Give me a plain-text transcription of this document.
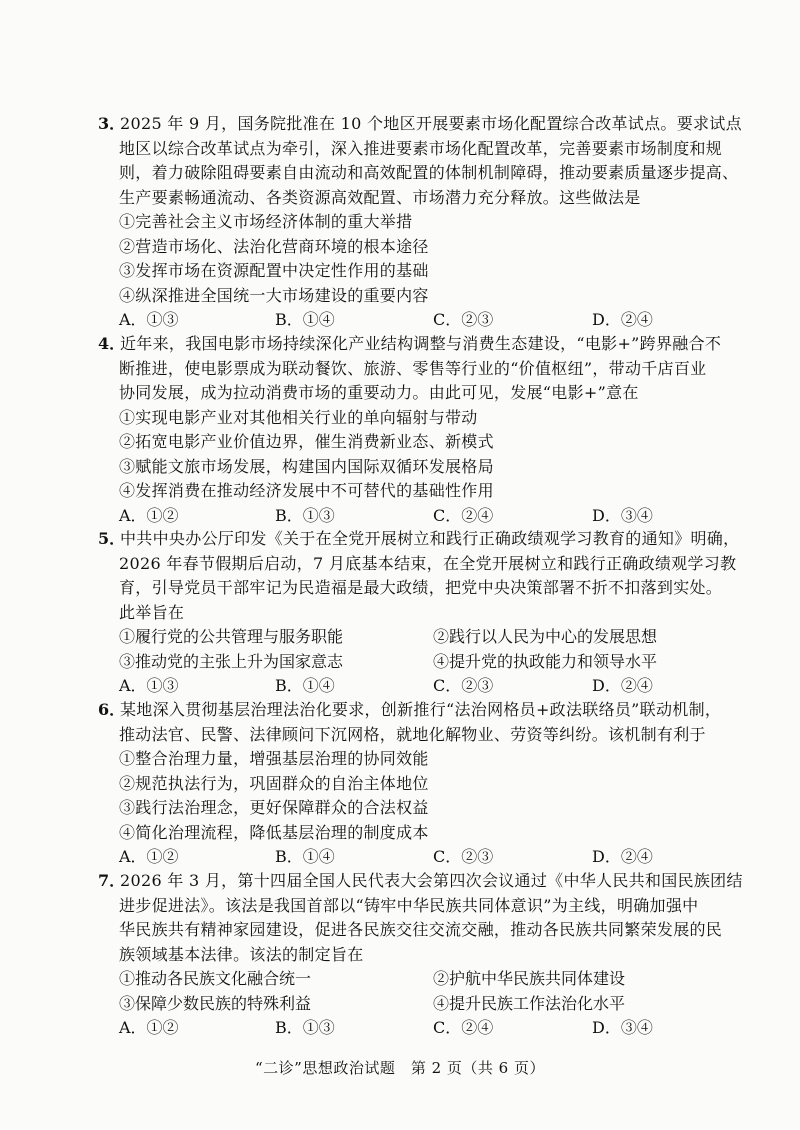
3．
2025 年 9 月，国务院批准在 10 个地区开展要素市场化配置综合改革试点。要求试点
地区以综合改革试点为牵引，深入推进要素市场化配置改革，完善要素市场制度和规
则，着力破除阻碍要素自由流动和高效配置的体制机制障碍，推动要素质量逐步提高、
生产要素畅通流动、各类资源高效配置、市场潜力充分释放。这些做法是
①完善社会主义市场经济体制的重大举措
②营造市场化、法治化营商环境的根本途径
③发挥市场在资源配置中决定性作用的基础
④纵深推进全国统一大市场建设的重要内容
A．①③	B．①④	C．②③	D．②④
4．
近年来，我国电影市场持续深化产业结构调整与消费生态建设，“电影+”跨界融合不
断推进，使电影票成为联动餐饮、旅游、零售等行业的“价值枢纽”，带动千店百业
协同发展，成为拉动消费市场的重要动力。由此可见，发展“电影+”意在
①实现电影产业对其他相关行业的单向辐射与带动
②拓宽电影产业价值边界，催生消费新业态、新模式
③赋能文旅市场发展，构建国内国际双循环发展格局
④发挥消费在推动经济发展中不可替代的基础性作用
A．①②	B．①③	C．②④	D．③④
5．
中共中央办公厅印发《关于在全党开展树立和践行正确政绩观学习教育的通知》明确，
2026 年春节假期后启动，7 月底基本结束，在全党开展树立和践行正确政绩观学习教
育，引导党员干部牢记为民造福是最大政绩，把党中央决策部署不折不扣落到实处。
此举旨在
①履行党的公共管理与服务职能	②践行以人民为中心的发展思想
③推动党的主张上升为国家意志	④提升党的执政能力和领导水平
A．①③	B．①④	C．②③	D．②④
6．
某地深入贯彻基层治理法治化要求，创新推行“法治网格员+政法联络员”联动机制，
推动法官、民警、法律顾问下沉网格，就地化解物业、劳资等纠纷。该机制有利于
①整合治理力量，增强基层治理的协同效能
②规范执法行为，巩固群众的自治主体地位
③践行法治理念，更好保障群众的合法权益
④简化治理流程，降低基层治理的制度成本
A．①②	B．①④	C．②③	D．②④
7．
2026 年 3 月，第十四届全国人民代表大会第四次会议通过《中华人民共和国民族团结
进步促进法》。该法是我国首部以“铸牢中华民族共同体意识”为主线，明确加强中
华民族共有精神家园建设，促进各民族交往交流交融，推动各民族共同繁荣发展的民
族领域基本法律。该法的制定旨在
①推动各民族文化融合统一	②护航中华民族共同体建设
③保障少数民族的特殊利益	④提升民族工作法治化水平
A．①②	B．①③	C．②④	D．③④
“二诊”思想政治试题　第 2 页（共 6 页）
